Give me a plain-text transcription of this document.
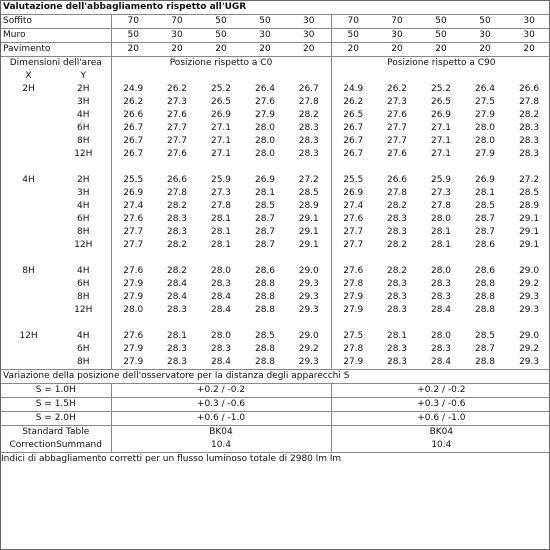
Valutazione dell'abbagliamento rispetto all'UGR											
Soffito		70	70	50	50	30	70	70	50	50	30
Muro		50	30	50	30	30	50	30	50	30	30
Pavimento		20	20	20	20	20	20	20	20	20	20
Dimensioni dell'area		Posizione rispetto a C0					Posizione rispetto a C90				
X	Y										
2H	2H	24.9	26.2	25.2	26.4	26.7	24.9	26.2	25.2	26.4	26.6
	3H	26.2	27.3	26.5	27.6	27.8	26.2	27.3	26.5	27.5	27.8
	4H	26.6	27.6	26.9	27.9	28.2	26.5	27.6	26.9	27.9	28.2
	6H	26.7	27.7	27.1	28.0	28.3	26.7	27.7	27.1	28.0	28.3
	8H	26.7	27.7	27.1	28.0	28.3	26.7	27.7	27.1	28.0	28.3
	12H	26.7	27.6	27.1	28.0	28.3	26.7	27.6	27.1	27.9	28.3

4H	2H	25.5	26.6	25.9	26.9	27.2	25.5	26.6	25.9	26.9	27.2
	3H	26.9	27.8	27.3	28.1	28.5	26.9	27.8	27.3	28.1	28.5
	4H	27.4	28.2	27.8	28.5	28.9	27.4	28.2	27.8	28.5	28.9
	6H	27.6	28.3	28.1	28.7	29.1	27.6	28.3	28.0	28.7	29.1
	8H	27.7	28.3	28.1	28.7	29.1	27.7	28.3	28.1	28.7	29.1
	12H	27.7	28.2	28.1	28.7	29.1	27.7	28.2	28.1	28.6	29.1

8H	4H	27.6	28.2	28.0	28.6	29.0	27.6	28.2	28.0	28.6	29.0
	6H	27.9	28.4	28.3	28.8	29.3	27.8	28.3	28.3	28.8	29.2
	8H	27.9	28.4	28.4	28.8	29.3	27.9	28.3	28.3	28.8	29.3
	12H	28.0	28.3	28.4	28.8	29.3	27.9	28.3	28.4	28.8	29.3

12H	4H	27.6	28.1	28.0	28.5	29.0	27.5	28.1	28.0	28.5	29.0
	6H	27.9	28.3	28.3	28.8	29.2	27.8	28.3	28.3	28.7	29.2
	8H	27.9	28.3	28.4	28.8	29.3	27.9	28.3	28.4	28.8	29.3
Variazione della posizione dell'osservatore per la distanza degli apparecchi S											
S = 1.0H		+0.2 / -0.2					+0.2 / -0.2				
S = 1.5H		+0.3 / -0.6					+0.3 / -0.6				
S = 2.0H		+0.6 / -1.0					+0.6 / -1.0				
Standard Table		BK04					BK04				
CorrectionSummand		10.4					10.4				
Indici di abbagliamento corretti per un flusso luminoso totale di 2980 lm lm											
